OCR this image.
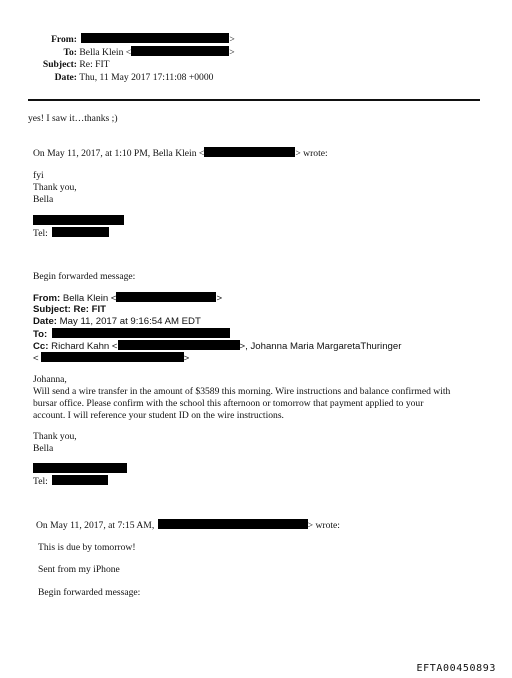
From:	>
To: Bella Klein <	>
Subject: Re: FIT
Date: Thu, 11 May 2017 17:11:08 +0000
yes! I saw it…thanks ;)
On May 11, 2017, at 1:10 PM, Bella Klein <	> wrote:
fyi
Thank you,
Bella
Tel:
Begin forwarded message:
From: Bella Klein <	>
Subject: Re: FIT
Date: May 11, 2017 at 9:16:54 AM EDT
To:
Cc: Richard Kahn <	>, Johanna Maria MargaretaThuringer
<	>
Johanna,
Will send a wire transfer in the amount of $3589 this morning. Wire instructions and balance confirmed with
bursar office. Please confirm with the school this afternoon or tomorrow that payment applied to your
account. I will reference your student ID on the wire instructions.
Thank you,
Bella
Tel:
On May 11, 2017, at 7:15 AM,	> wrote:
This is due by tomorrow!
Sent from my iPhone
Begin forwarded message:
EFTA00450893
